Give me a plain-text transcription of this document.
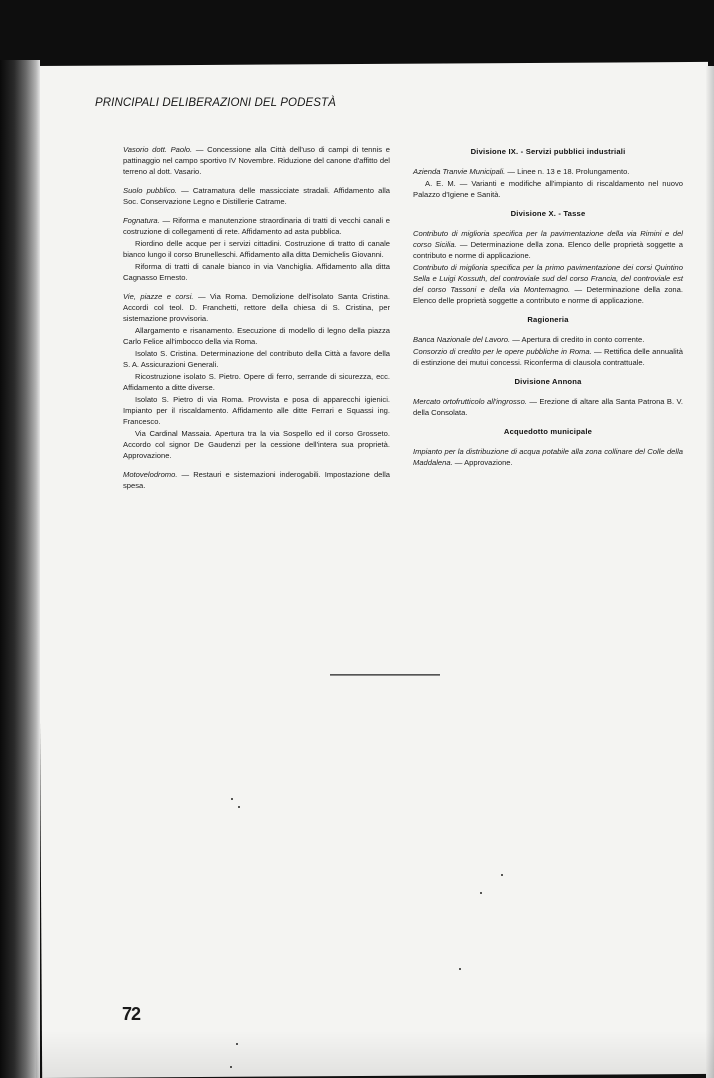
PRINCIPALI DELIBERAZIONI DEL PODESTÀ

Vasorio dott. Paolo. — Concessione alla Città dell'uso di campi di tennis e pattinaggio nel campo sportivo IV Novembre. Riduzione del canone d'affitto del terreno al dott. Vasario.

Suolo pubblico. — Catramatura delle massicciate stradali. Affidamento alla Soc. Conservazione Legno e Distillerie Catrame.

Fognatura. — Riforma e manutenzione straordinaria di tratti di vecchi canali e costruzione di collegamenti di rete. Affidamento ad asta pubblica.

Riordino delle acque per i servizi cittadini. Costruzione di tratto di canale bianco lungo il corso Brunelleschi. Affidamento alla ditta Demichelis Giovanni.

Riforma di tratti di canale bianco in via Vanchiglia. Affidamento alla ditta Cagnasso Ernesto.

Vie, piazze e corsi. — Via Roma. Demolizione dell'isolato Santa Cristina. Accordi col teol. D. Franchetti, rettore della chiesa di S. Cristina, per sistemazione provvisoria.

Allargamento e risanamento. Esecuzione di modello di legno della piazza Carlo Felice all'imbocco della via Roma.

Isolato S. Cristina. Determinazione del contributo della Città a favore della S. A. Assicurazioni Generali.

Ricostruzione isolato S. Pietro. Opere di ferro, serrande di sicurezza, ecc. Affidamento a ditte diverse.

Isolato S. Pietro di via Roma. Provvista e posa di apparecchi igienici. Impianto per il riscaldamento. Affidamento alle ditte Ferrari e Squassi ing. Francesco.

Via Cardinal Massaia. Apertura tra la via Sospello ed il corso Grosseto. Accordo col signor De Gaudenzi per la cessione dell'intera sua proprietà. Approvazione.

Motovelodromo. — Restauri e sistemazioni inderogabili. Impostazione della spesa.

Divisione IX. - Servizi pubblici industriali

Azienda Tranvie Municipali. — Linee n. 13 e 18. Prolungamento.

A. E. M. — Varianti e modifiche all'impianto di riscaldamento nel nuovo Palazzo d'Igiene e Sanità.

Divisione X. - Tasse

Contributo di miglioria specifica per la pavimentazione della via Rimini e del corso Sicilia. — Determinazione della zona. Elenco delle proprietà soggette a contributo e norme di applicazione.

Contributo di miglioria specifica per la primo pavimentazione dei corsi Quintino Sella e Luigi Kossuth, del controviale sud del corso Francia, del controviale est del corso Tassoni e della via Montemagno. — Determinazione della zona. Elenco delle proprietà soggette a contributo e norme di applicazione.

Ragioneria

Banca Nazionale del Lavoro. — Apertura di credito in conto corrente.

Consorzio di credito per le opere pubbliche in Roma. — Rettifica delle annualità di estinzione dei mutui concessi. Riconferma di clausola contrattuale.

Divisione Annona

Mercato ortofrutticolo all'ingrosso. — Erezione di altare alla Santa Patrona B. V. della Consolata.

Acquedotto municipale

Impianto per la distribuzione di acqua potabile alla zona collinare del Colle della Maddalena. — Approvazione.

72
